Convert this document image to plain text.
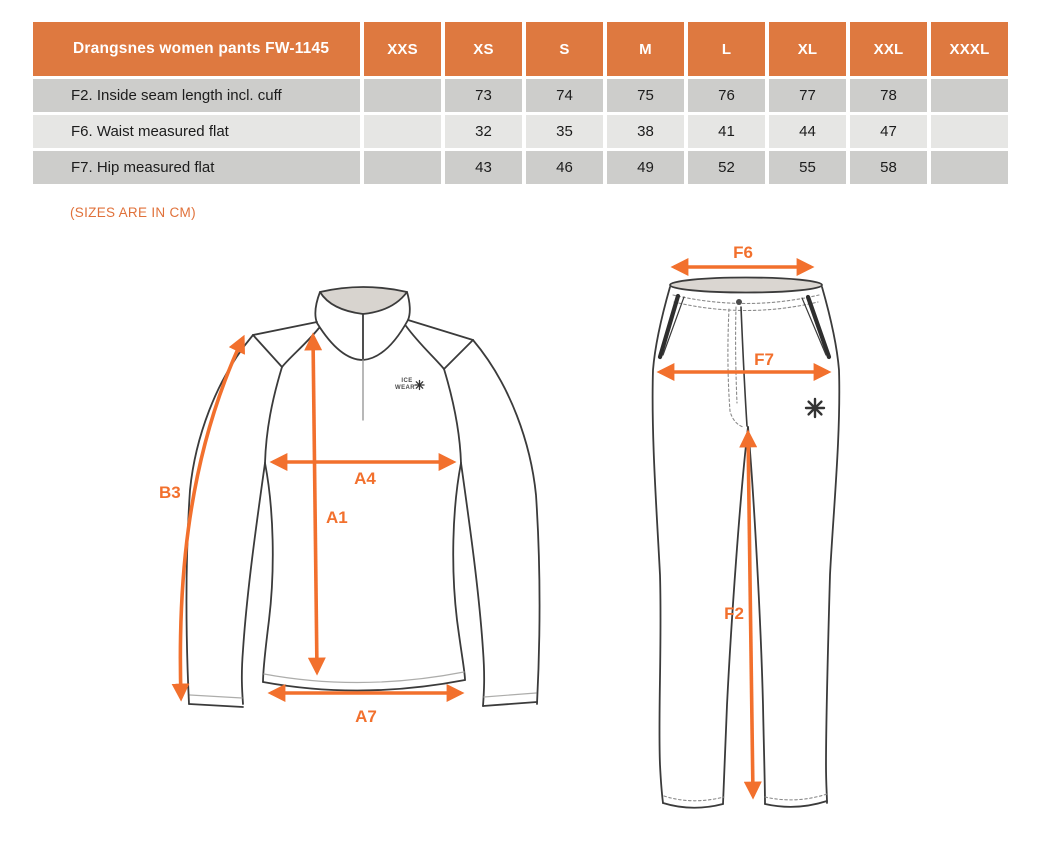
Drangsnes women pants FW-1145	XXS	XS	S	M	L	XL	XXL	XXXL
F2. Inside seam length incl. cuff		73	74	75	76	77	78	
F6. Waist measured flat		32	35	38	41	44	47	
F7. Hip measured flat		43	46	49	52	55	58	
(SIZES ARE IN CM)
ICE
WEAR
B3
A4
A1
A7
F6
F7
F2
